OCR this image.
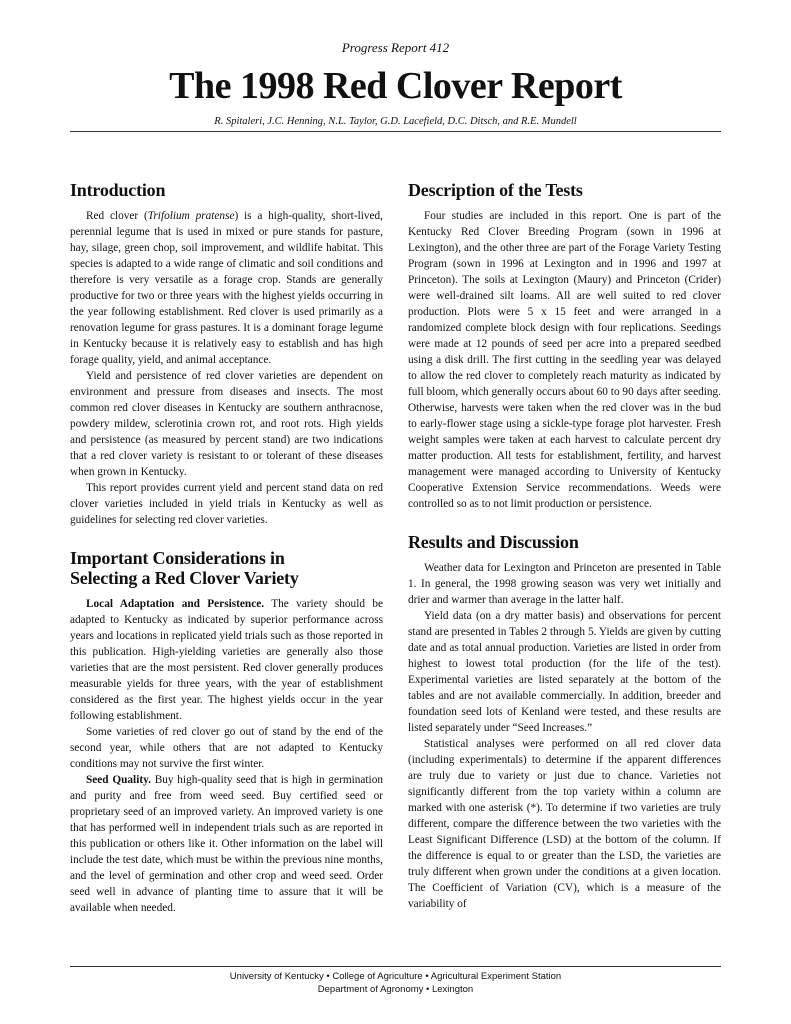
Progress Report 412
The 1998 Red Clover Report
R. Spitaleri, J.C. Henning, N.L. Taylor, G.D. Lacefield, D.C. Ditsch, and R.E. Mundell
Introduction

Red clover (Trifolium pratense) is a high-quality, short-lived, perennial legume that is used in mixed or pure stands for pasture, hay, silage, green chop, soil improvement, and wildlife habitat. This species is adapted to a wide range of climatic and soil conditions and therefore is very versatile as a forage crop. Stands are generally productive for two or three years with the highest yields occurring in the year following establishment. Red clover is used primarily as a renovation legume for grass pastures. It is a dominant forage legume in Kentucky because it is relatively easy to establish and has high forage quality, yield, and animal acceptance.

Yield and persistence of red clover varieties are dependent on environment and pressure from diseases and insects. The most common red clover diseases in Kentucky are southern anthracnose, powdery mildew, sclerotinia crown rot, and root rots. High yields and persistence (as measured by percent stand) are two indications that a red clover variety is resistant to or tolerant of these diseases when grown in Kentucky.

This report provides current yield and percent stand data on red clover varieties included in yield trials in Kentucky as well as guidelines for selecting red clover varieties.

Important Considerations in
Selecting a Red Clover Variety

Local Adaptation and Persistence. The variety should be adapted to Kentucky as indicated by superior performance across years and locations in replicated yield trials such as those reported in this publication. High-yielding varieties are generally also those varieties that are the most persistent. Red clover generally produces measurable yields for three years, with the year of establishment considered as the first year. The highest yields occur in the year following establishment.

Some varieties of red clover go out of stand by the end of the second year, while others that are not adapted to Kentucky conditions may not survive the first winter.

Seed Quality. Buy high-quality seed that is high in germination and purity and free from weed seed. Buy certified seed or proprietary seed of an improved variety. An improved variety is one that has performed well in independent trials such as are reported in this publication or others like it. Other information on the label will include the test date, which must be within the previous nine months, and the level of germination and other crop and weed seed. Order seed well in advance of planting time to assure that it will be available when needed.

Description of the Tests

Four studies are included in this report. One is part of the Kentucky Red Clover Breeding Program (sown in 1996 at Lexington), and the other three are part of the Forage Variety Testing Program (sown in 1996 at Lexington and in 1996 and 1997 at Princeton). The soils at Lexington (Maury) and Princeton (Crider) were well-drained silt loams. All are well suited to red clover production. Plots were 5 x 15 feet and were arranged in a randomized complete block design with four replications. Seedings were made at 12 pounds of seed per acre into a prepared seedbed using a disk drill. The first cutting in the seedling year was delayed to allow the red clover to completely reach maturity as indicated by full bloom, which generally occurs about 60 to 90 days after seeding. Otherwise, harvests were taken when the red clover was in the bud to early-flower stage using a sickle-type forage plot harvester. Fresh weight samples were taken at each harvest to calculate percent dry matter production. All tests for establishment, fertility, and harvest management were managed according to University of Kentucky Cooperative Extension Service recommendations. Weeds were controlled so as to not limit production or persistence.

Results and Discussion

Weather data for Lexington and Princeton are presented in Table 1. In general, the 1998 growing season was very wet initially and drier and warmer than average in the latter half.

Yield data (on a dry matter basis) and observations for percent stand are presented in Tables 2 through 5. Yields are given by cutting date and as total annual production. Varieties are listed in order from highest to lowest total production (for the life of the test). Experimental varieties are listed separately at the bottom of the tables and are not available commercially. In addition, breeder and foundation seed lots of Kenland were tested, and these results are listed separately under “Seed Increases.”

Statistical analyses were performed on all red clover data (including experimentals) to determine if the apparent differences are truly due to variety or just due to chance. Varieties not significantly different from the top variety within a column are marked with one asterisk (*). To determine if two varieties are truly different, compare the difference between the two varieties with the Least Significant Difference (LSD) at the bottom of the column. If the difference is equal to or greater than the LSD, the varieties are truly different when grown under the conditions at a given location. The Coefficient of Variation (CV), which is a measure of the variability of

University of Kentucky • College of Agriculture • Agricultural Experiment Station
Department of Agronomy • Lexington
